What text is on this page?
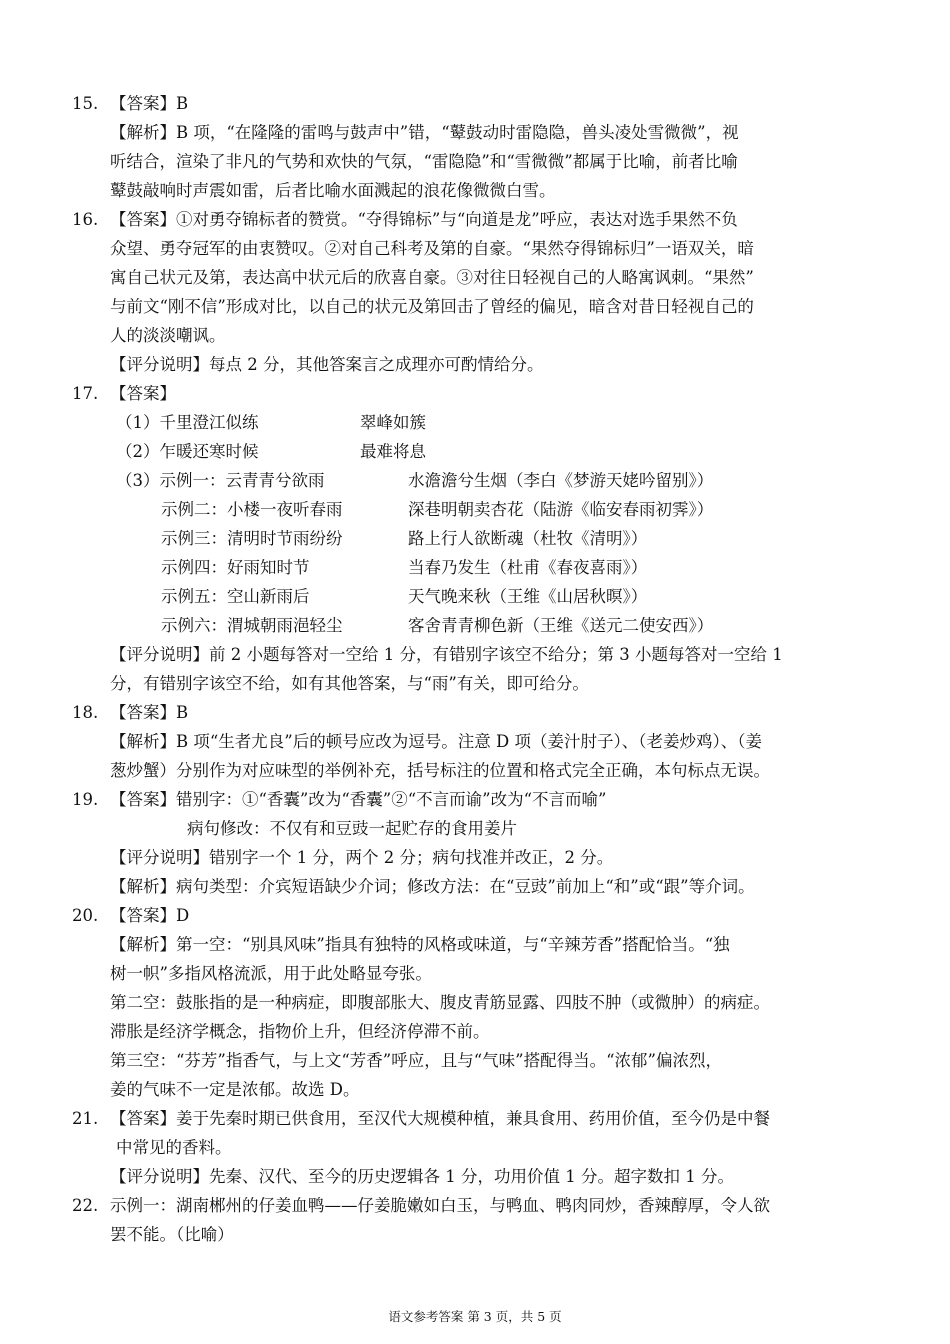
15. 【答案】B
【解析】B 项，“在隆隆的雷鸣与鼓声中”错，“鼙鼓动时雷隐隐，兽头凌处雪微微”，视
听结合，渲染了非凡的气势和欢快的气氛，“雷隐隐”和“雪微微”都属于比喻，前者比喻
鼙鼓敲响时声震如雷，后者比喻水面溅起的浪花像微微白雪。
16. 【答案】①对勇夺锦标者的赞赏。“夺得锦标”与“向道是龙”呼应，表达对选手果然不负
众望、勇夺冠军的由衷赞叹。②对自己科考及第的自豪。“果然夺得锦标归”一语双关，暗
寓自己状元及第，表达高中状元后的欣喜自豪。③对往日轻视自己的人略寓讽刺。“果然”
与前文“刚不信”形成对比，以自己的状元及第回击了曾经的偏见，暗含对昔日轻视自己的
人的淡淡嘲讽。
【评分说明】每点 2 分，其他答案言之成理亦可酌情给分。
17. 【答案】
（1）千里澄江似练	翠峰如簇
（2）乍暖还寒时候	最难将息
（3）示例一：云青青兮欲雨	水澹澹兮生烟（李白《梦游天姥吟留别》）
示例二：小楼一夜听春雨	深巷明朝卖杏花（陆游《临安春雨初霁》）
示例三：清明时节雨纷纷	路上行人欲断魂（杜牧《清明》）
示例四：好雨知时节	当春乃发生（杜甫《春夜喜雨》）
示例五：空山新雨后	天气晚来秋（王维《山居秋暝》）
示例六：渭城朝雨浥轻尘	客舍青青柳色新（王维《送元二使安西》）
【评分说明】前 2 小题每答对一空给 1 分，有错别字该空不给分；第 3 小题每答对一空给 1
分，有错别字该空不给，如有其他答案，与“雨”有关，即可给分。
18. 【答案】B
【解析】B 项“生者尤良”后的顿号应改为逗号。注意 D 项（姜汁肘子）、（老姜炒鸡）、（姜
葱炒蟹）分别作为对应味型的举例补充，括号标注的位置和格式完全正确，本句标点无误。
19. 【答案】错别字：①“香囊”改为“香囊”②“不言而谕”改为“不言而喻”
病句修改：不仅有和豆豉一起贮存的食用姜片
【评分说明】错别字一个 1 分，两个 2 分；病句找准并改正，2 分。
【解析】病句类型：介宾短语缺少介词；修改方法：在“豆豉”前加上“和”或“跟”等介词。
20. 【答案】D
【解析】第一空：“别具风味”指具有独特的风格或味道，与“辛辣芳香”搭配恰当。“独
树一帜”多指风格流派，用于此处略显夸张。
第二空：鼓胀指的是一种病症，即腹部胀大、腹皮青筋显露、四肢不肿（或微肿）的病症。
滞胀是经济学概念，指物价上升，但经济停滞不前。
第三空：“芬芳”指香气，与上文“芳香”呼应，且与“气味”搭配得当。“浓郁”偏浓烈，
姜的气味不一定是浓郁。故选 D。
21. 【答案】姜于先秦时期已供食用，至汉代大规模种植，兼具食用、药用价值，至今仍是中餐
中常见的香料。
【评分说明】先秦、汉代、至今的历史逻辑各 1 分，功用价值 1 分。超字数扣 1 分。
22. 示例一：湖南郴州的仔姜血鸭——仔姜脆嫩如白玉，与鸭血、鸭肉同炒，香辣醇厚，令人欲
罢不能。（比喻）
语文参考答案 第 3 页，共 5 页
